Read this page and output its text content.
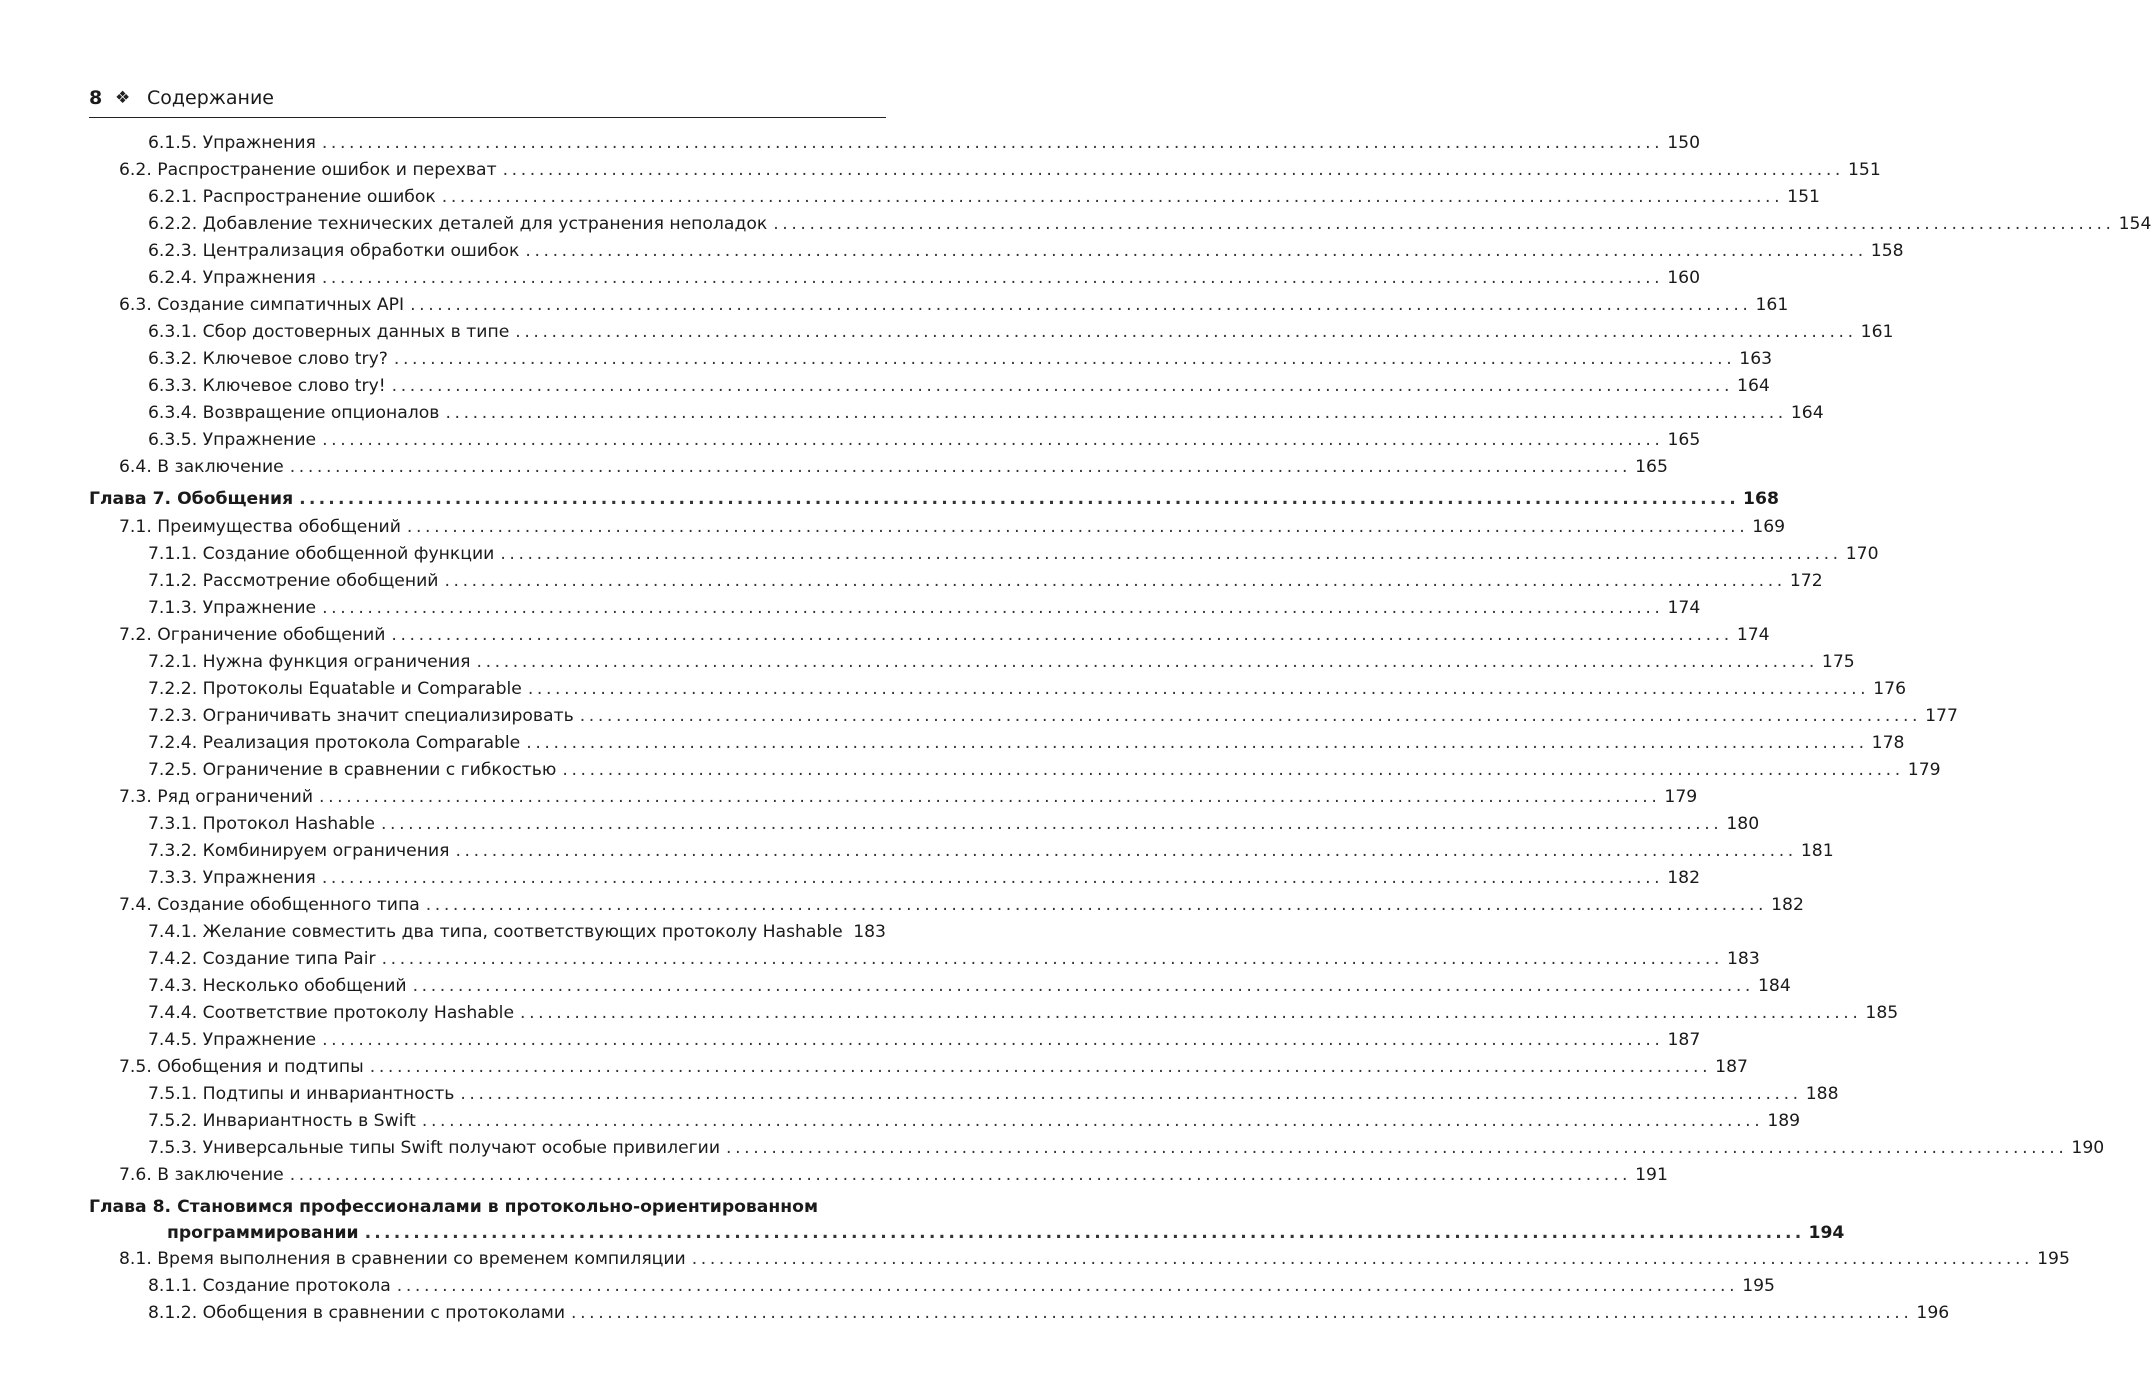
8 ❖ Содержание
6.1.5. Упражнения .................................................................................................................................................... 150
6.2. Распространение ошибок и перехват .................................................................................................................................................... 151
6.2.1. Распространение ошибок .................................................................................................................................................... 151
6.2.2. Добавление технических деталей для устранения неполадок .................................................................................................................................................... 154
6.2.3. Централизация обработки ошибок .................................................................................................................................................... 158
6.2.4. Упражнения .................................................................................................................................................... 160
6.3. Создание симпатичных API .................................................................................................................................................... 161
6.3.1. Сбор достоверных данных в типе .................................................................................................................................................... 161
6.3.2. Ключевое слово try? .................................................................................................................................................... 163
6.3.3. Ключевое слово try! .................................................................................................................................................... 164
6.3.4. Возвращение опционалов .................................................................................................................................................... 164
6.3.5. Упражнение .................................................................................................................................................... 165
6.4. В заключение .................................................................................................................................................... 165
Глава 7. Обобщения .................................................................................................................................................... 168
7.1. Преимущества обобщений .................................................................................................................................................... 169
7.1.1. Создание обобщенной функции .................................................................................................................................................... 170
7.1.2. Рассмотрение обобщений .................................................................................................................................................... 172
7.1.3. Упражнение .................................................................................................................................................... 174
7.2. Ограничение обобщений .................................................................................................................................................... 174
7.2.1. Нужна функция ограничения .................................................................................................................................................... 175
7.2.2. Протоколы Equatable и Comparable .................................................................................................................................................... 176
7.2.3. Ограничивать значит специализировать .................................................................................................................................................... 177
7.2.4. Реализация протокола Comparable .................................................................................................................................................... 178
7.2.5. Ограничение в сравнении с гибкостью .................................................................................................................................................... 179
7.3. Ряд ограничений .................................................................................................................................................... 179
7.3.1. Протокол Hashable .................................................................................................................................................... 180
7.3.2. Комбинируем ограничения .................................................................................................................................................... 181
7.3.3. Упражнения .................................................................................................................................................... 182
7.4. Создание обобщенного типа .................................................................................................................................................... 182
7.4.1. Желание совместить два типа, соответствующих протоколу Hashable 183
7.4.2. Создание типа Pair .................................................................................................................................................... 183
7.4.3. Несколько обобщений .................................................................................................................................................... 184
7.4.4. Соответствие протоколу Hashable .................................................................................................................................................... 185
7.4.5. Упражнение .................................................................................................................................................... 187
7.5. Обобщения и подтипы .................................................................................................................................................... 187
7.5.1. Подтипы и инвариантность .................................................................................................................................................... 188
7.5.2. Инвариантность в Swift .................................................................................................................................................... 189
7.5.3. Универсальные типы Swift получают особые привилегии .................................................................................................................................................... 190
7.6. В заключение .................................................................................................................................................... 191
Глава 8. Становимся профессионалами в протокольно-ориентированном
программировании .................................................................................................................................................... 194
8.1. Время выполнения в сравнении со временем компиляции .................................................................................................................................................... 195
8.1.1. Создание протокола .................................................................................................................................................... 195
8.1.2. Обобщения в сравнении с протоколами .................................................................................................................................................... 196
